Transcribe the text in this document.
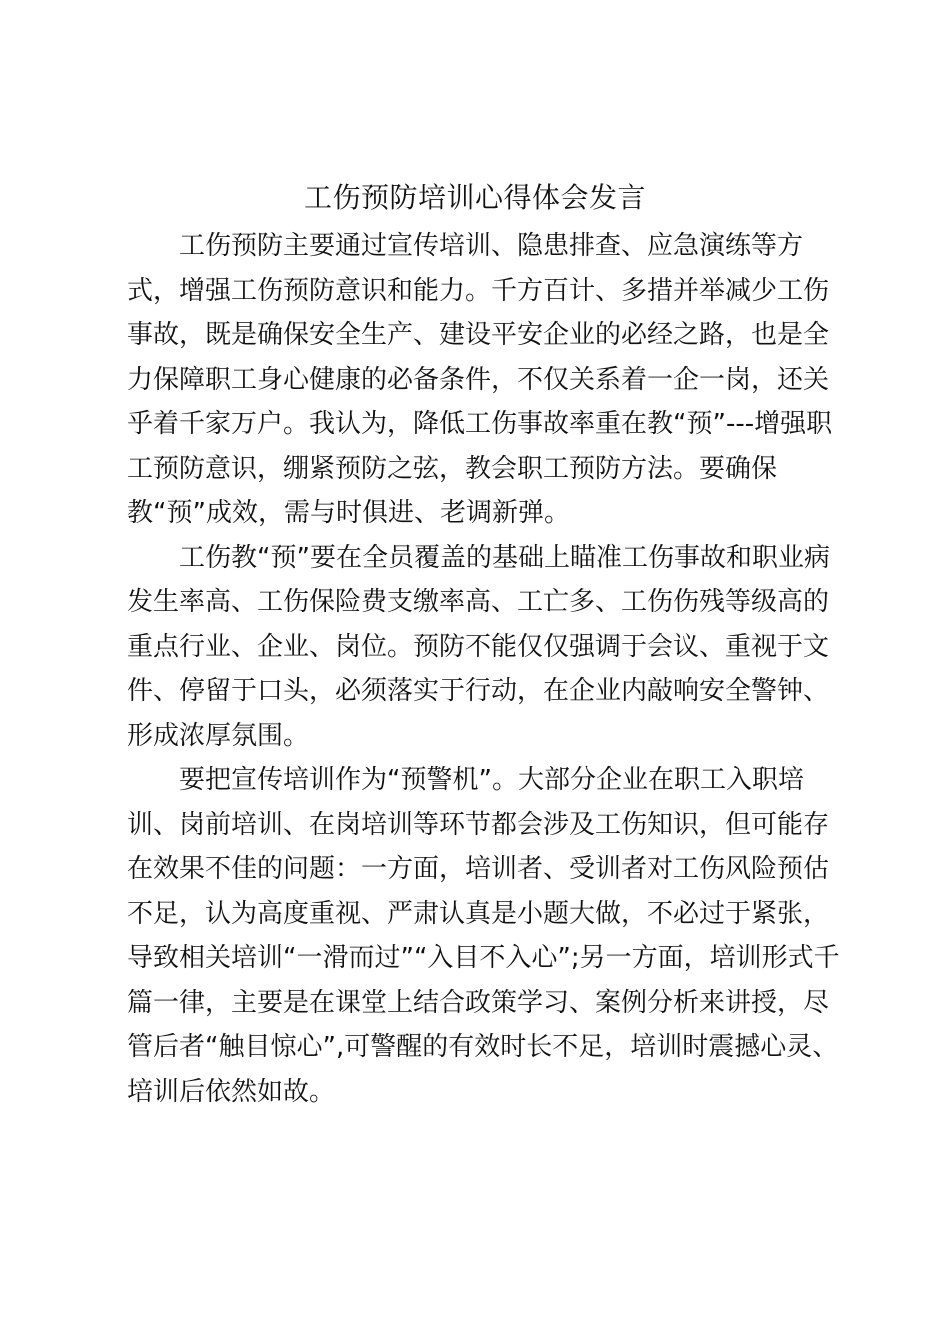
工伤预防培训心得体会发言

工伤预防主要通过宣传培训、隐患排查、应急演练等方
式，增强工伤预防意识和能力。千方百计、多措并举减少工伤
事故，既是确保安全生产、建设平安企业的必经之路，也是全
力保障职工身心健康的必备条件，不仅关系着一企一岗，还关
乎着千家万户。我认为，降低工伤事故率重在教“预”---增强职
工预防意识，绷紧预防之弦，教会职工预防方法。要确保
教“预”成效，需与时俱进、老调新弹。

工伤教“预”要在全员覆盖的基础上瞄准工伤事故和职业病
发生率高、工伤保险费支缴率高、工亡多、工伤伤残等级高的
重点行业、企业、岗位。预防不能仅仅强调于会议、重视于文
件、停留于口头，必须落实于行动，在企业内敲响安全警钟、
形成浓厚氛围。

要把宣传培训作为“预警机”。大部分企业在职工入职培
训、岗前培训、在岗培训等环节都会涉及工伤知识，但可能存
在效果不佳的问题：一方面，培训者、受训者对工伤风险预估
不足，认为高度重视、严肃认真是小题大做，不必过于紧张，
导致相关培训“一滑而过”“入目不入心”;另一方面，培训形式千
篇一律，主要是在课堂上结合政策学习、案例分析来讲授，尽
管后者“触目惊心”,可警醒的有效时长不足，培训时震撼心灵、
培训后依然如故。
